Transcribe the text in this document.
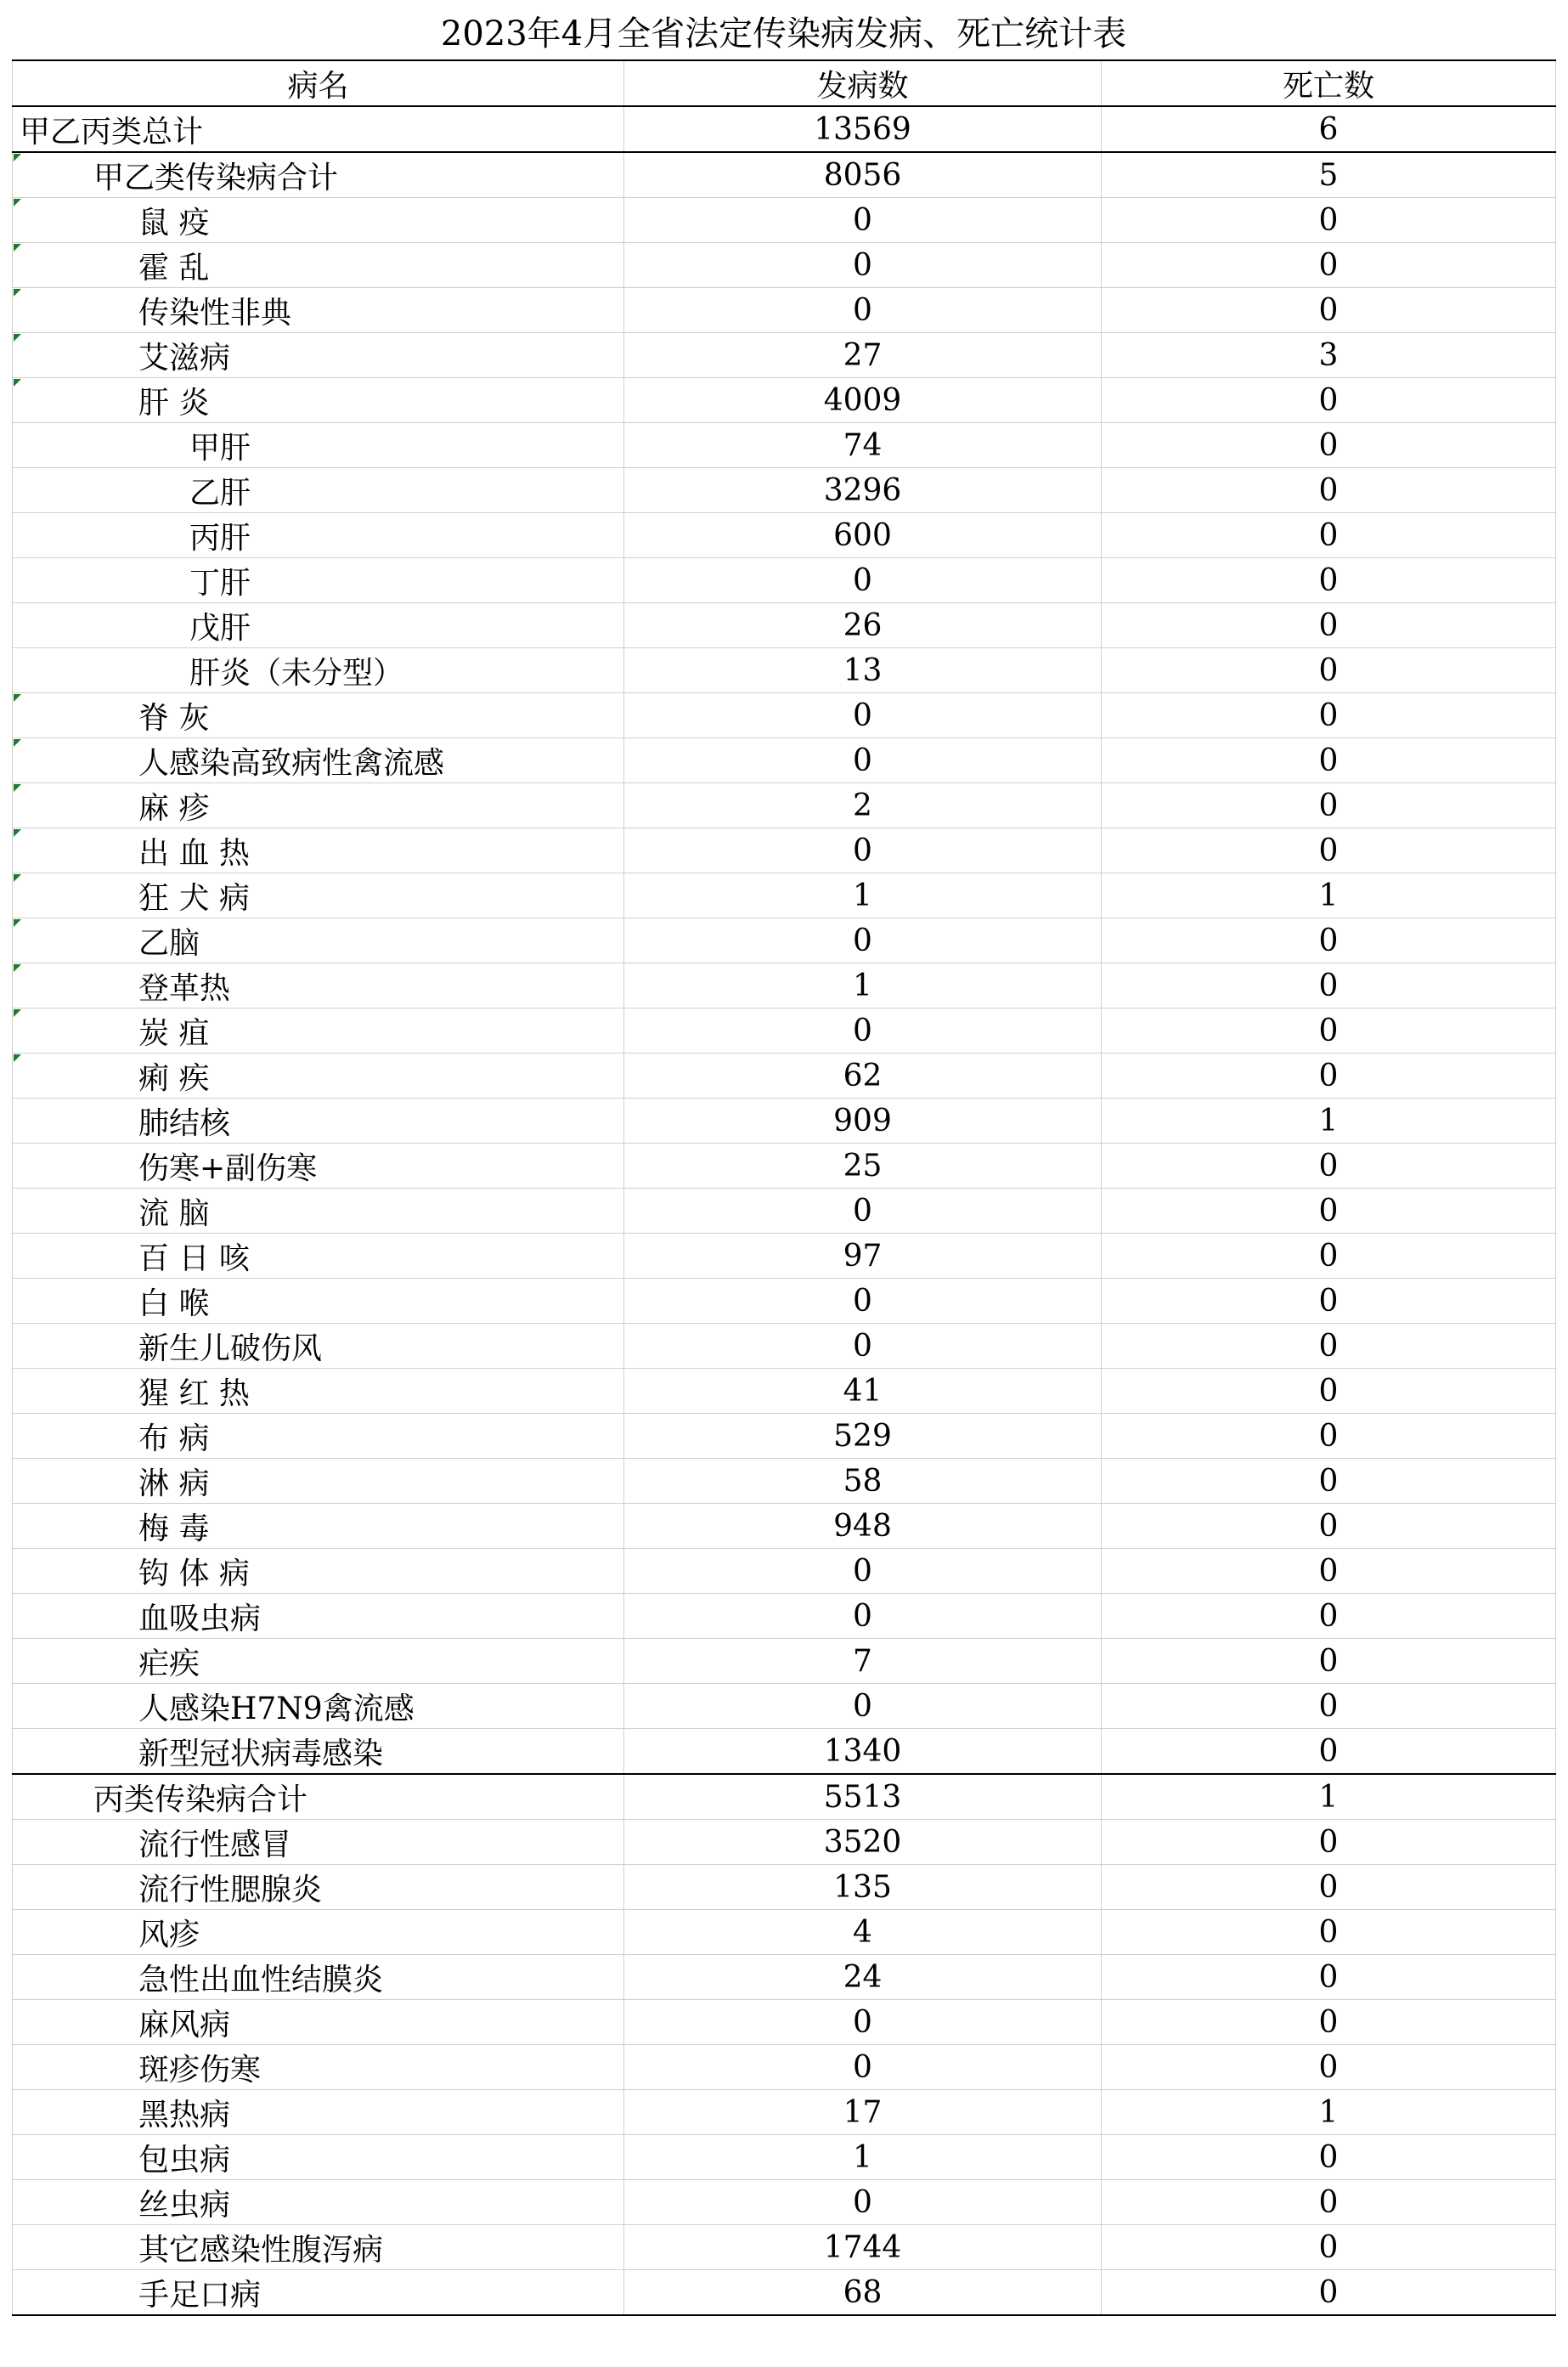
2023年4月全省法定传染病发病、死亡统计表
病名	发病数	死亡数
甲乙丙类总计	13569	6

甲乙类传染病合计	8056	5

鼠 疫	0	0

霍 乱	0	0

传染性非典	0	0

艾滋病	27	3

肝 炎	4009	0
甲肝	74	0
乙肝	3296	0
丙肝	600	0
丁肝	0	0
戊肝	26	0
肝炎（未分型）	13	0

脊 灰	0	0

人感染高致病性禽流感	0	0

麻 疹	2	0

出 血 热	0	0

狂 犬 病	1	1

乙脑	0	0

登革热	1	0

炭 疽	0	0

痢 疾	62	0
肺结核	909	1
伤寒+副伤寒	25	0
流 脑	0	0
百 日 咳	97	0
白 喉	0	0
新生儿破伤风	0	0
猩 红 热	41	0
布 病	529	0
淋 病	58	0
梅 毒	948	0
钩 体 病	0	0
血吸虫病	0	0
疟疾	7	0
人感染H7N9禽流感	0	0
新型冠状病毒感染	1340	0
丙类传染病合计	5513	1
流行性感冒	3520	0
流行性腮腺炎	135	0
风疹	4	0
急性出血性结膜炎	24	0
麻风病	0	0
斑疹伤寒	0	0
黑热病	17	1
包虫病	1	0
丝虫病	0	0
其它感染性腹泻病	1744	0
手足口病	68	0
